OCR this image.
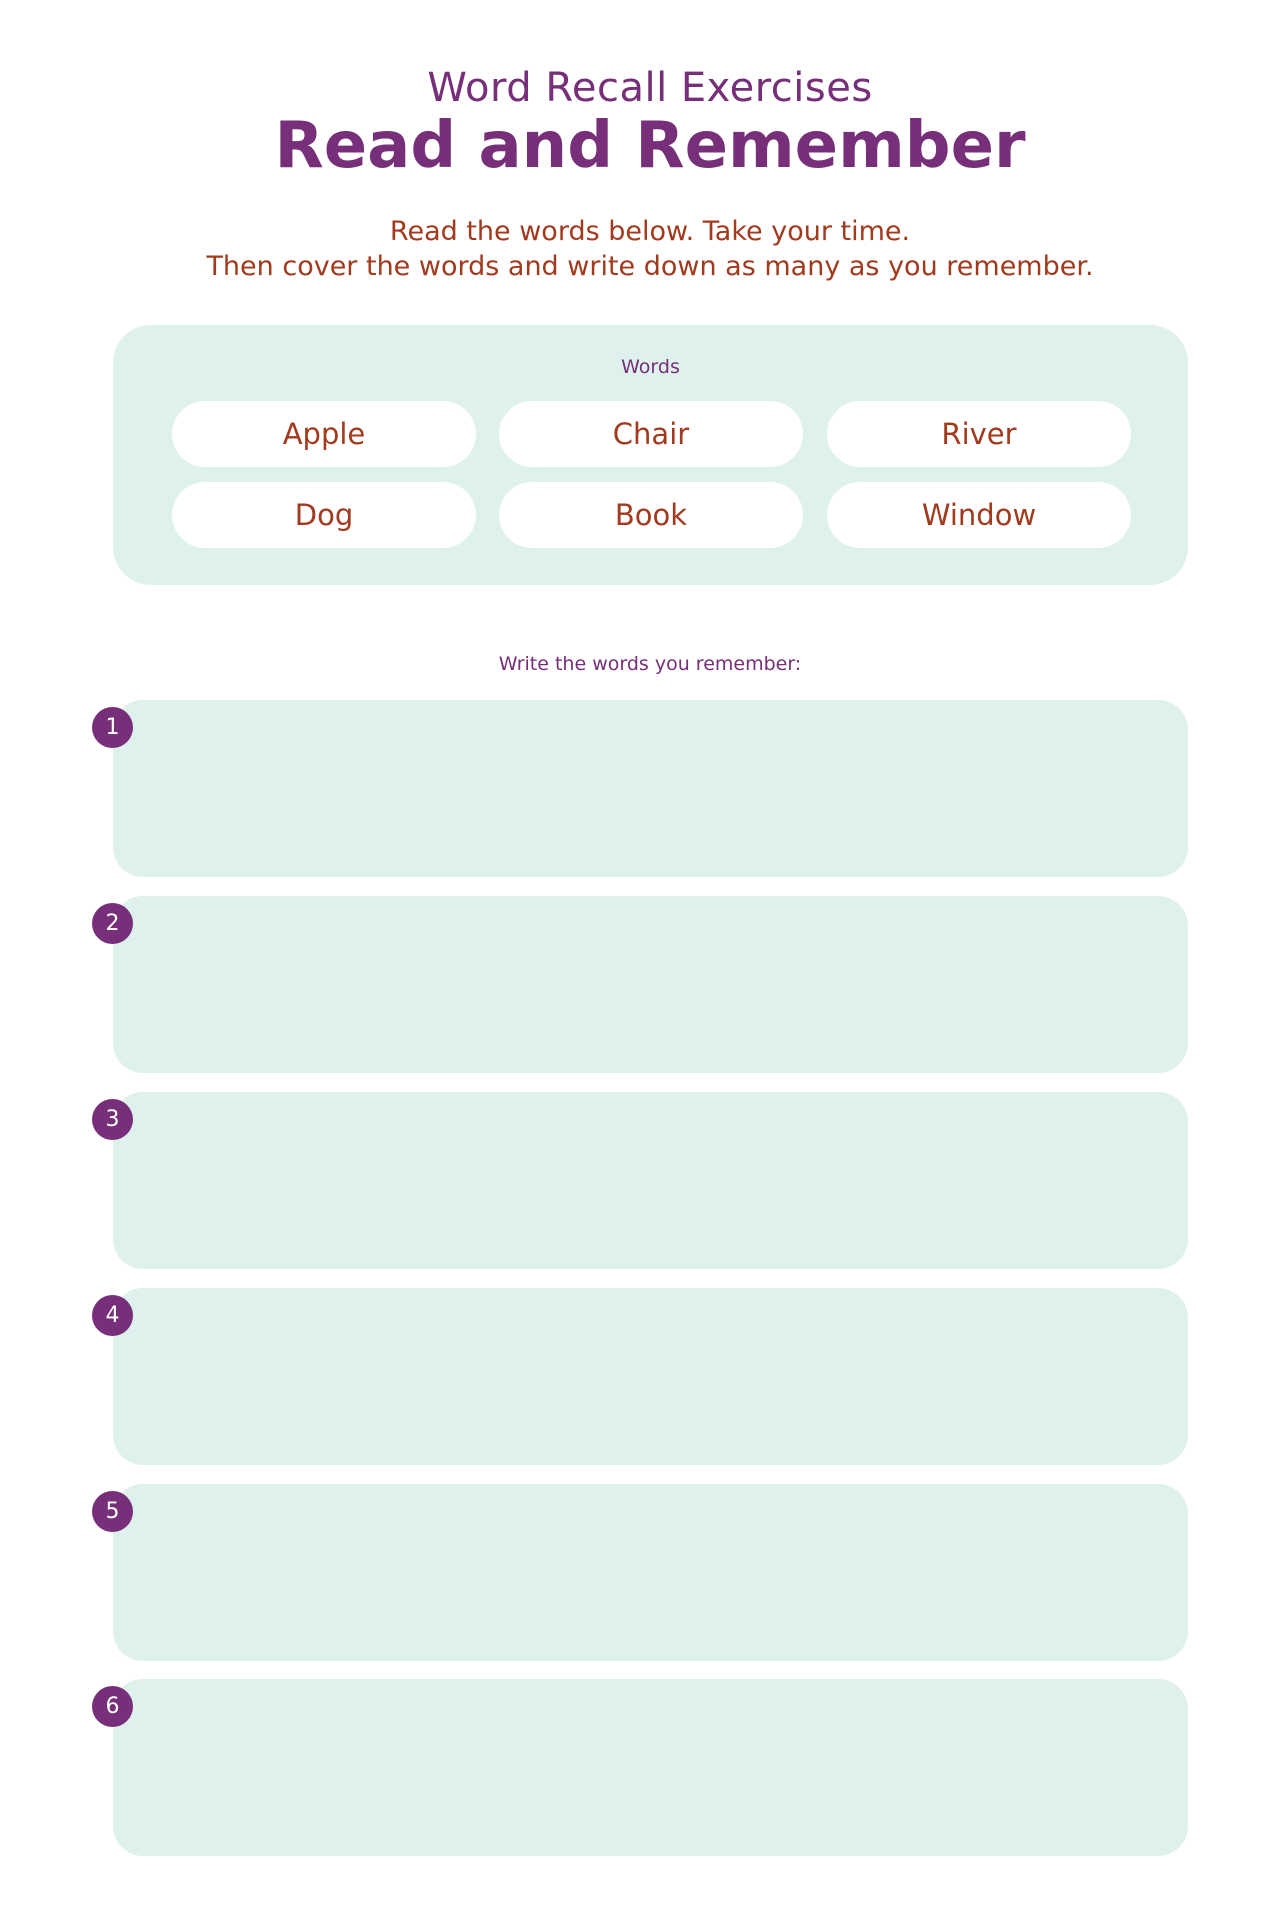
Word Recall Exercises
Read and Remember
Read the words below. Take your time.
Then cover the words and write down as many as you remember.
Words
Apple	Chair	River
Dog	Book	Window
Write the words you remember:
1
2
3
4
5
6
